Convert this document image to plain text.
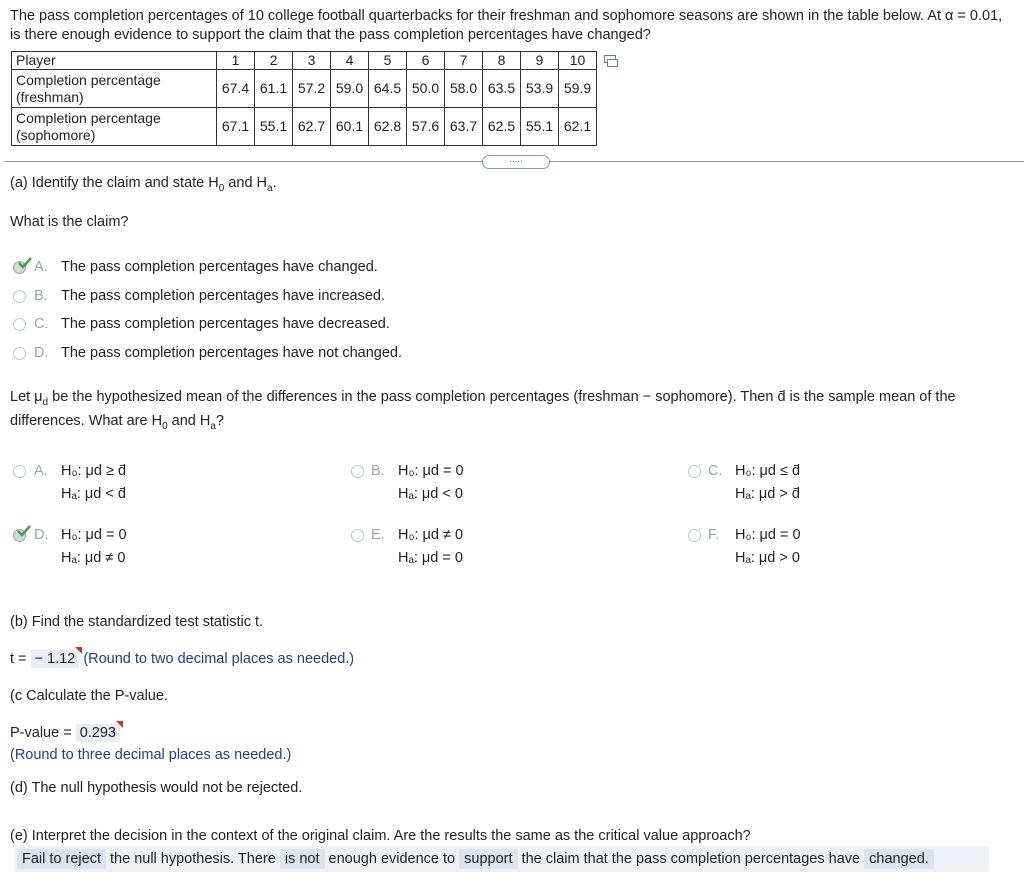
The pass completion percentages of 10 college football quarterbacks for their freshman and sophomore seasons are shown in the table below. At α = 0.01, is there enough evidence to support the claim that the pass completion percentages have changed?
Player	1	2	3	4	5	6	7	8	9	10
Completion percentage
(freshman)	67.4	61.1	57.2	59.0	64.5	50.0	58.0	63.5	53.9	59.9
Completion percentage
(sophomore)	67.1	55.1	62.7	60.1	62.8	57.6	63.7	62.5	55.1	62.1
.....
(a) Identify the claim and state $H_0$ and $H_a$.
What is the claim?
A. The pass completion percentages have changed.
B. The pass completion percentages have increased.
C. The pass completion percentages have decreased.
D. The pass completion percentages have not changed.
Let $\mu_d$ be the hypothesized mean of the differences in the pass completion percentages (freshman − sophomore). Then d̄ is the sample mean of the
differences. What are $H_0$ and $H_a$?
A. H₀: μd ≥ d̄
Hₐ: μd < d̄
B. H₀: μd = 0
Hₐ: μd < 0
C. H₀: μd ≤ d̄
Hₐ: μd > d̄
D. H₀: μd = 0
Hₐ: μd ≠ 0
E. H₀: μd ≠ 0
Hₐ: μd = 0
F. H₀: μd = 0
Hₐ: μd > 0
(b) Find the standardized test statistic t.
t = − 1.12 (Round to two decimal places as needed.)
(c Calculate the P-value.
P-value = 0.293
(Round to three decimal places as needed.)
(d) The null hypothesis would not be rejected.
(e) Interpret the decision in the context of the original claim. Are the results the same as the critical value approach?
Fail to reject the null hypothesis. There is not enough evidence to support the claim that the pass completion percentages have changed.
